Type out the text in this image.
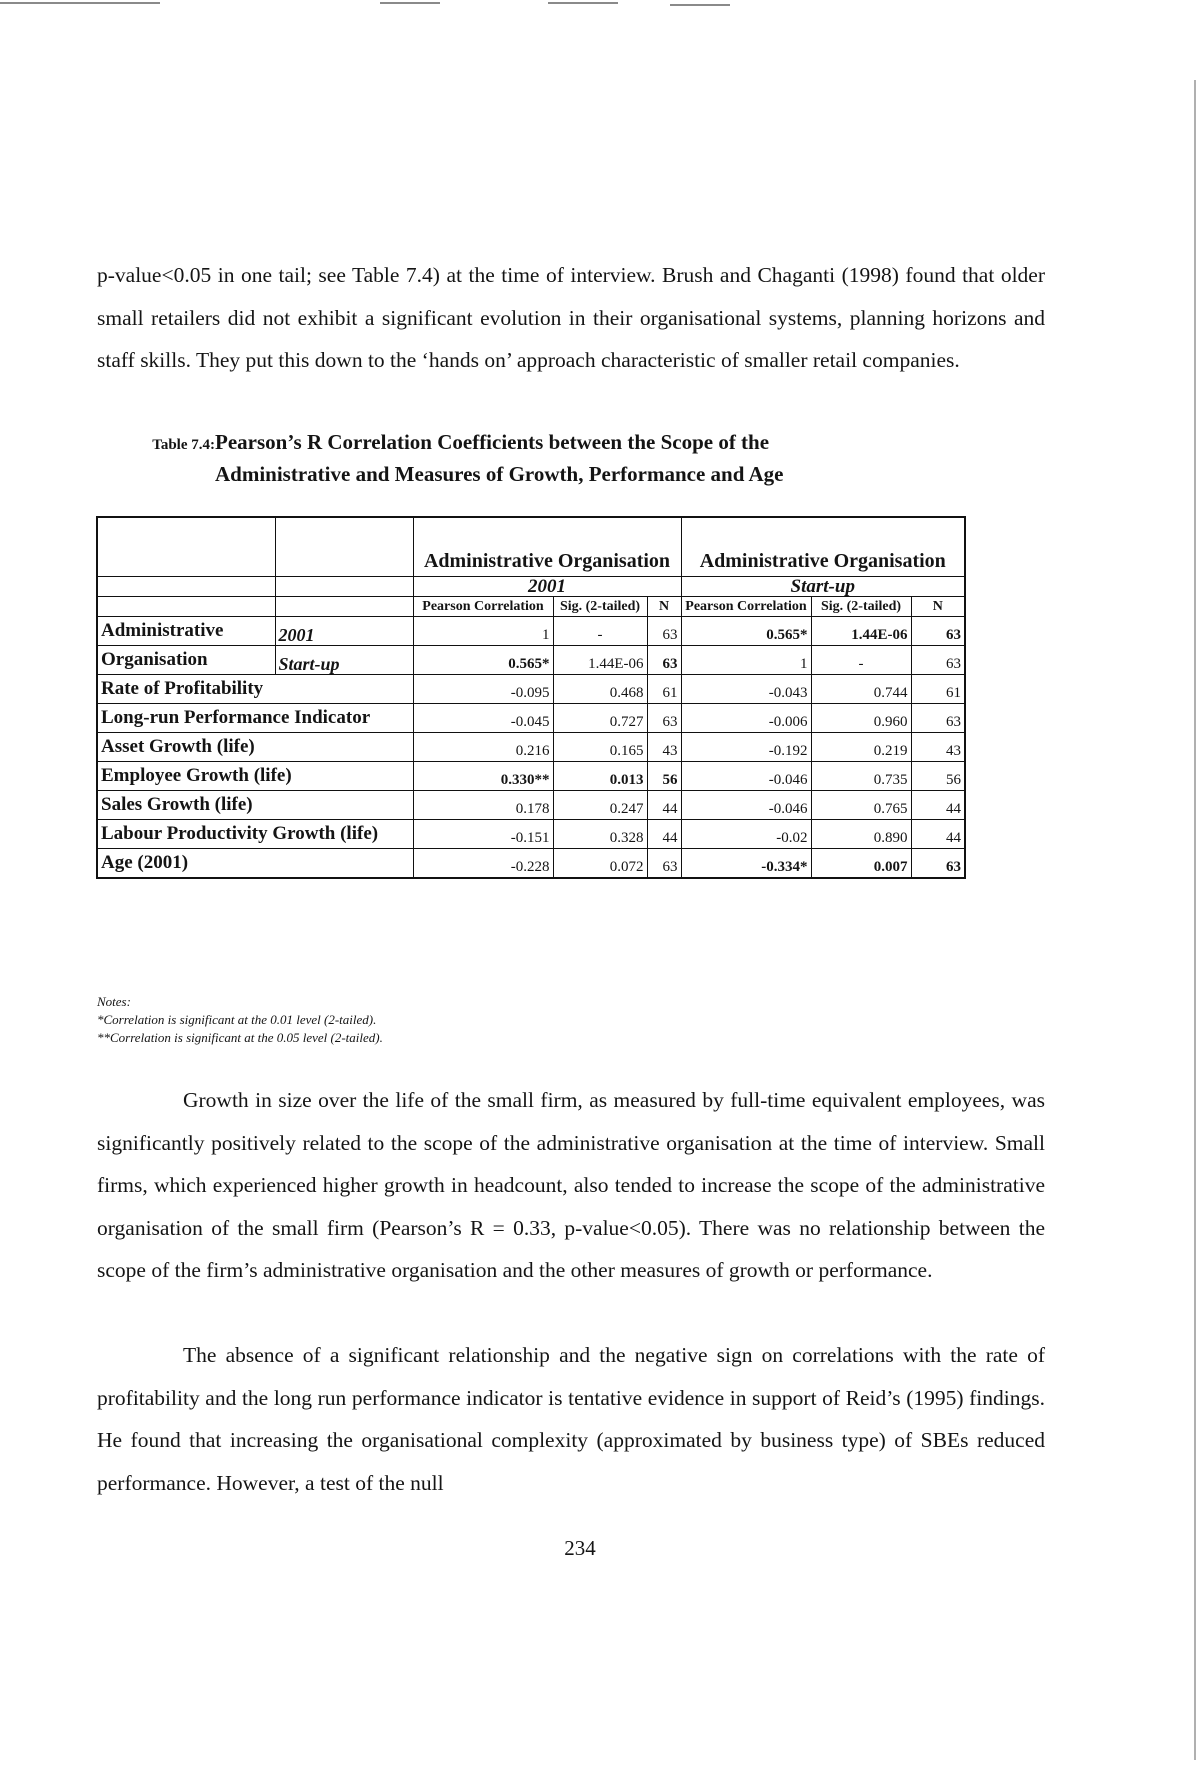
p-value<0.05 in one tail; see Table 7.4) at the time of interview. Brush and Chaganti (1998) found that older small retailers did not exhibit a significant evolution in their organisational systems, planning horizons and staff skills. They put this down to the ‘hands on’ approach characteristic of smaller retail companies.
Table 7.4:Pearson’s R Correlation Coefficients between the Scope of the
Administrative and Measures of Growth, Performance and Age
		Administrative Organisation			Administrative Organisation		
		2001			Start-up		
		Pearson Correlation	Sig. (2-tailed)	N	Pearson Correlation	Sig. (2-tailed)	N
Administrative	2001	1	-	63	0.565*	1.44E-06	63
Organisation	Start-up	0.565*	1.44E-06	63	1	-	63
Rate of Profitability		-0.095	0.468	61	-0.043	0.744	61
Long-run Performance Indicator		-0.045	0.727	63	-0.006	0.960	63
Asset Growth (life)		0.216	0.165	43	-0.192	0.219	43
Employee Growth (life)		0.330**	0.013	56	-0.046	0.735	56
Sales Growth (life)		0.178	0.247	44	-0.046	0.765	44
Labour Productivity Growth (life)		-0.151	0.328	44	-0.02	0.890	44
Age (2001)		-0.228	0.072	63	-0.334*	0.007	63
Notes:
*Correlation is significant at the 0.01 level (2-tailed).
**Correlation is significant at the 0.05 level (2-tailed).
Growth in size over the life of the small firm, as measured by full-time equivalent employees, was significantly positively related to the scope of the administrative organisation at the time of interview. Small firms, which experienced higher growth in headcount, also tended to increase the scope of the administrative organisation of the small firm (Pearson’s R = 0.33, p-value<0.05). There was no relationship between the scope of the firm’s administrative organisation and the other measures of growth or performance.
The absence of a significant relationship and the negative sign on correlations with the rate of profitability and the long run performance indicator is tentative evidence in support of Reid’s (1995) findings. He found that increasing the organisational complexity (approximated by business type) of SBEs reduced performance. However, a test of the null
234
